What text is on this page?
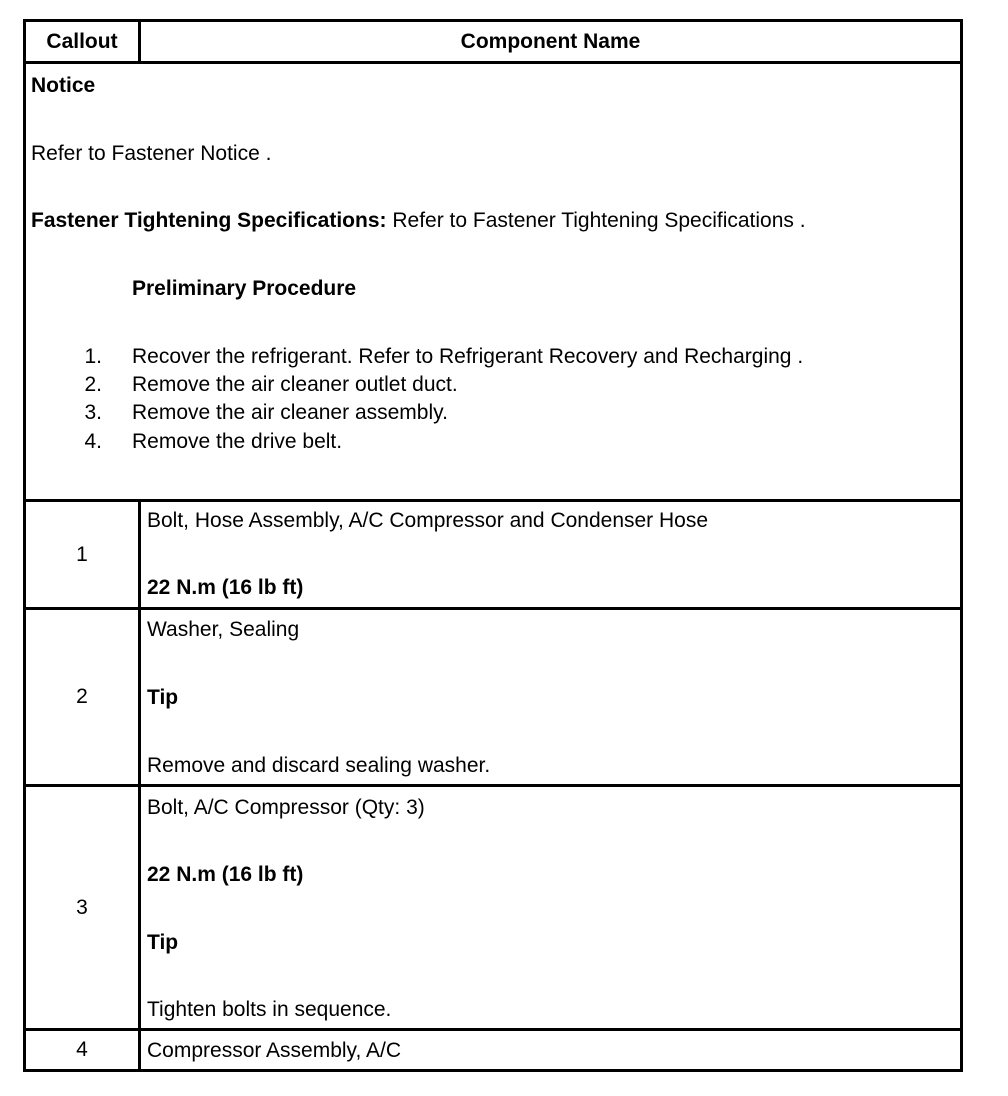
Callout	Component Name
Notice
Refer to Fastener Notice .
Fastener Tightening Specifications: Refer to Fastener Tightening Specifications .
Preliminary Procedure
1. Recover the refrigerant. Refer to Refrigerant Recovery and Recharging .
2. Remove the air cleaner outlet duct.
3. Remove the air cleaner assembly.
4. Remove the drive belt.
1
Bolt, Hose Assembly, A/C Compressor and Condenser Hose
22 N.m (16 lb ft)
2
Washer, Sealing
Tip
Remove and discard sealing washer.
3
Bolt, A/C Compressor (Qty: 3)
22 N.m (16 lb ft)
Tip
Tighten bolts in sequence.
4	Compressor Assembly, A/C
